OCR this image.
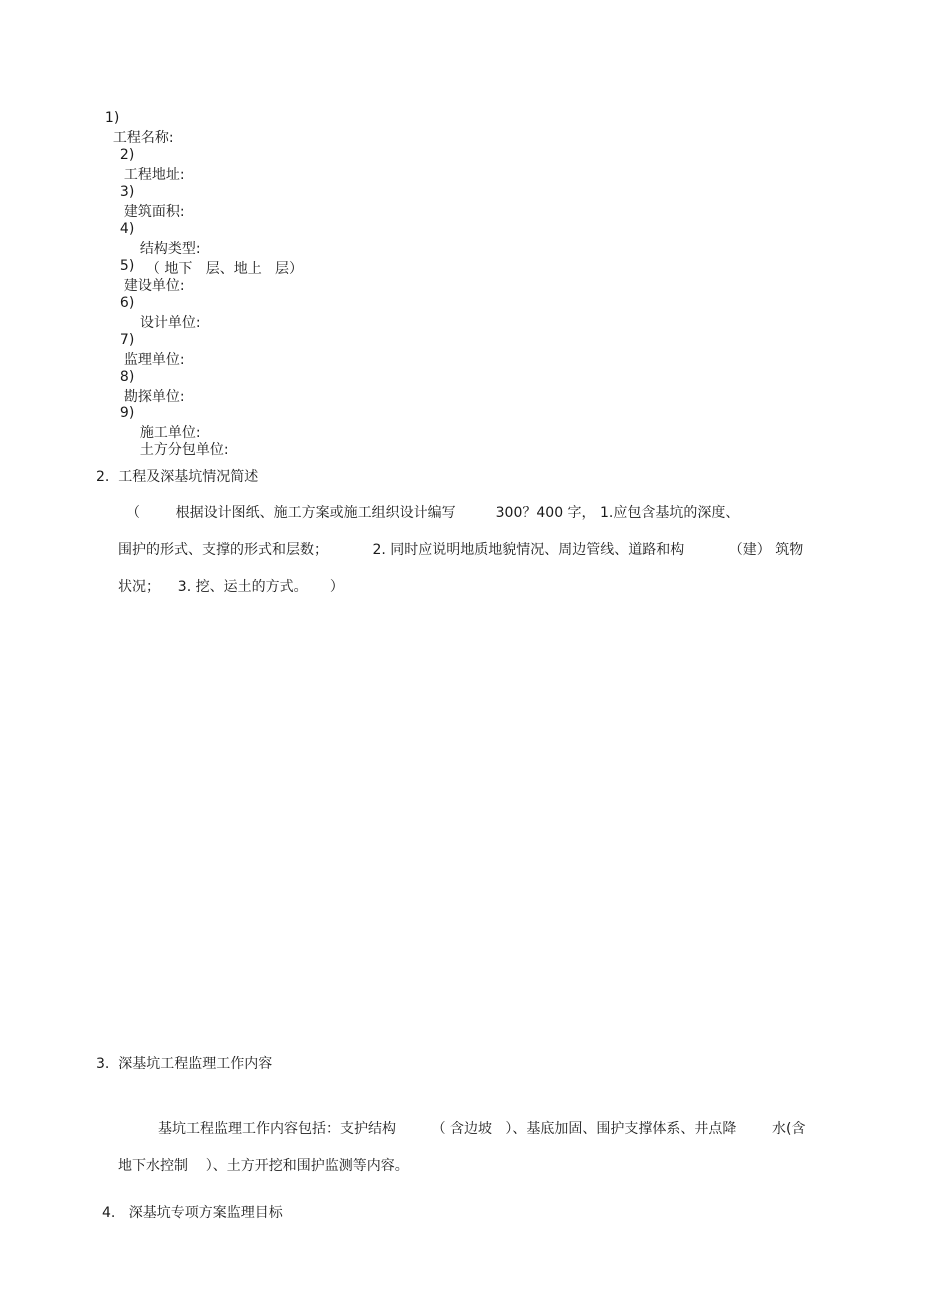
1)
工程名称:

2)
工程地址:

3)
建筑面积:

4)
结构类型:
（ 地下   层、地上   层）

5)
建设单位:

6)
设计单位:

7)
监理单位:

8)
勘探单位:

9)
施工单位:

土方分包单位:

2.  工程及深基坑情况简述
（        根据设计图纸、施工方案或施工组织设计编写         300？400 字， 1.应包含基坑的深度、
围护的形式、支撑的形式和层数；          2. 同时应说明地质地貌情况、周边管线、道路和构          （建） 筑物
状况；    3. 挖、运土的方式。     ）
3.  深基坑工程监理工作内容
基坑工程监理工作内容包括：支护结构        （ 含边坡   ）、基底加固、围护支撑体系、井点降        水(含
地下水控制    ）、土方开挖和围护监测等内容。
4.   深基坑专项方案监理目标
